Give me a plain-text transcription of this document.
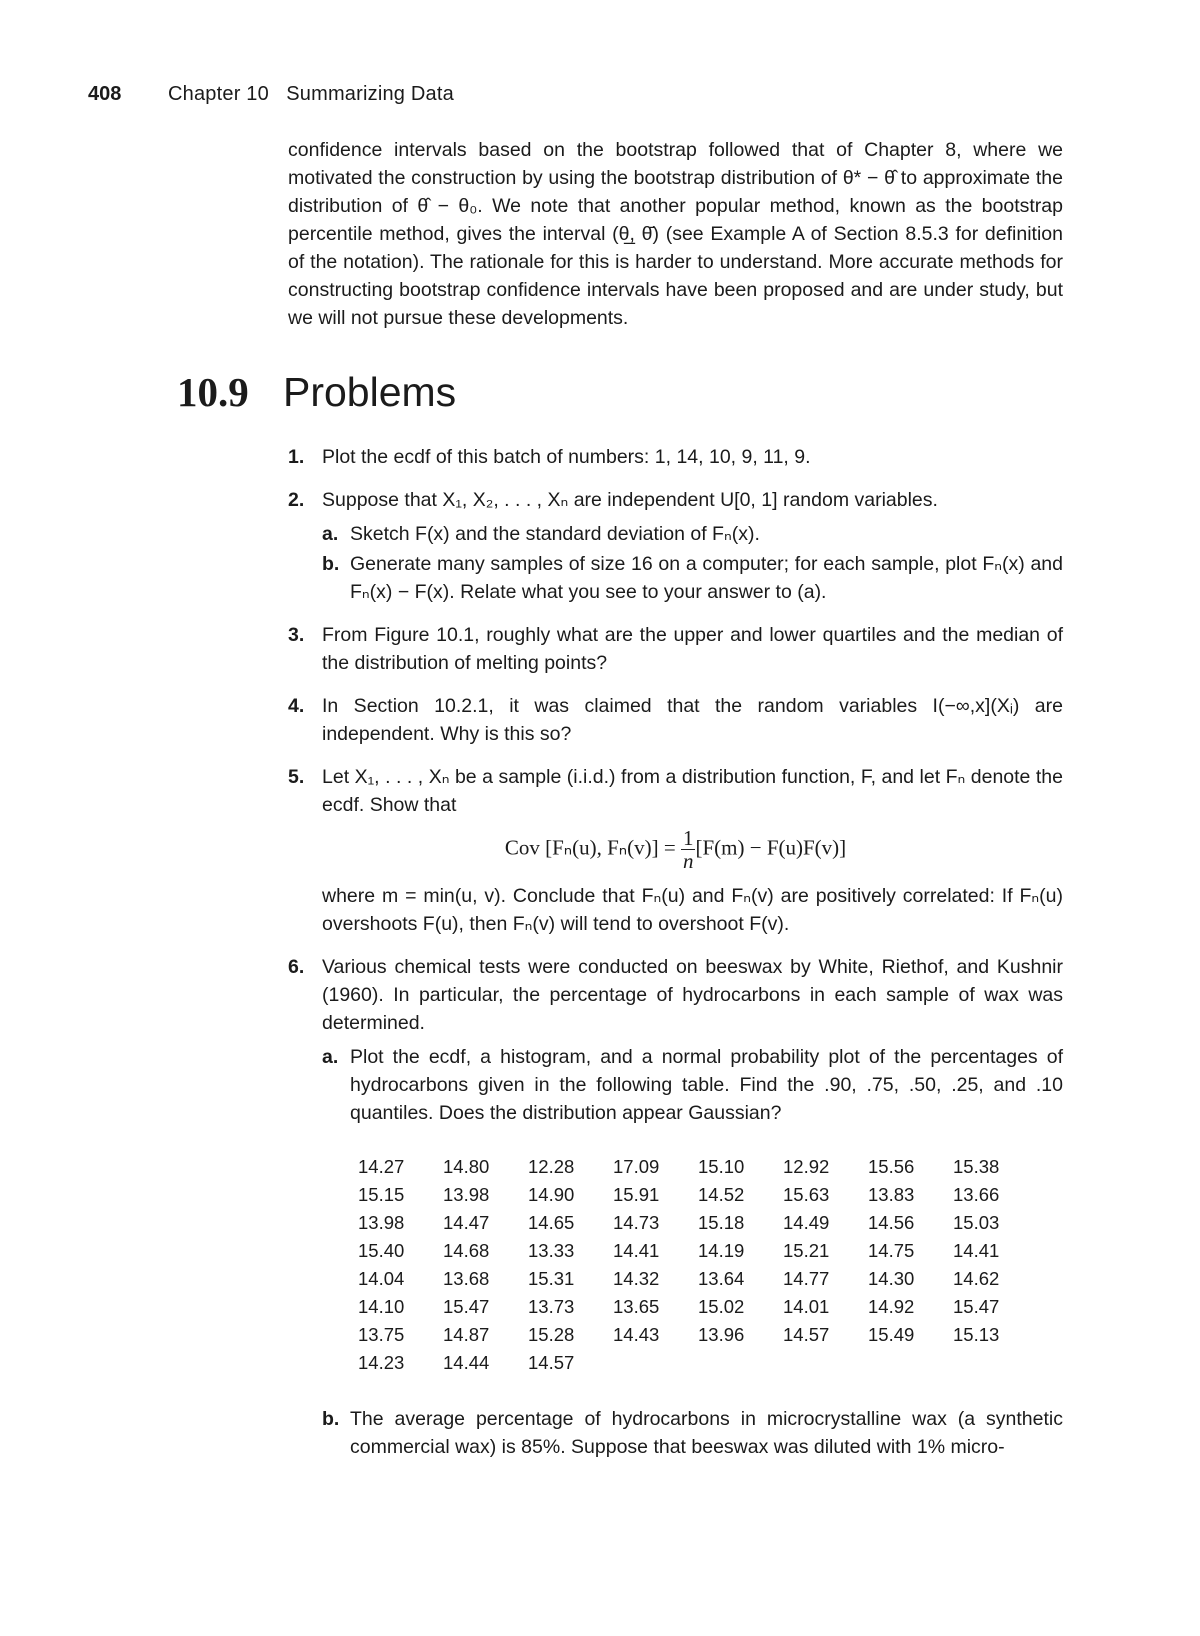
408 Chapter 10   Summarizing Data

confidence intervals based on the bootstrap followed that of Chapter 8, where we motivated the construction by using the bootstrap distribution of θ* − θ̂ to approximate the distribution of θ̂ − θ₀. We note that another popular method, known as the bootstrap percentile method, gives the interval (θ̲, θ̄) (see Example A of Section 8.5.3 for definition of the notation). The rationale for this is harder to understand. More accurate methods for constructing bootstrap confidence intervals have been proposed and are under study, but we will not pursue these developments.

10.9 Problems
1. Plot the ecdf of this batch of numbers: 1, 14, 10, 9, 11, 9.
2. Suppose that X₁, X₂, . . . , Xₙ are independent U[0, 1] random variables.
a. Sketch F(x) and the standard deviation of Fₙ(x).
b. Generate many samples of size 16 on a computer; for each sample, plot Fₙ(x) and Fₙ(x) − F(x). Relate what you see to your answer to (a).
3. From Figure 10.1, roughly what are the upper and lower quartiles and the median of the distribution of melting points?
4. In Section 10.2.1, it was claimed that the random variables I(−∞,x](Xᵢ) are independent. Why is this so?
5. Let X₁, . . . , Xₙ be a sample (i.i.d.) from a distribution function, F, and let Fₙ denote the ecdf. Show that
Cov [Fₙ(u), $F_n(v)] = \frac{1}{n} [F(m) - F(u)F(v)]$
where m = min(u, v). Conclude that Fₙ(u) and Fₙ(v) are positively correlated: If Fₙ(u) overshoots F(u), then Fₙ(v) will tend to overshoot F(v).
6. Various chemical tests were conducted on beeswax by White, Riethof, and Kushnir (1960). In particular, the percentage of hydrocarbons in each sample of wax was determined.
a. Plot the ecdf, a histogram, and a normal probability plot of the percentages of hydrocarbons given in the following table. Find the .90, .75, .50, .25, and .10 quantiles. Does the distribution appear Gaussian?
14.27	14.80	12.28	17.09	15.10	12.92	15.56	15.38
15.15	13.98	14.90	15.91	14.52	15.63	13.83	13.66
13.98	14.47	14.65	14.73	15.18	14.49	14.56	15.03
15.40	14.68	13.33	14.41	14.19	15.21	14.75	14.41
14.04	13.68	15.31	14.32	13.64	14.77	14.30	14.62
14.10	15.47	13.73	13.65	15.02	14.01	14.92	15.47
13.75	14.87	15.28	14.43	13.96	14.57	15.49	15.13
14.23	14.44	14.57					
b. The average percentage of hydrocarbons in microcrystalline wax (a synthetic commercial wax) is 85%. Suppose that beeswax was diluted with 1% micro-
